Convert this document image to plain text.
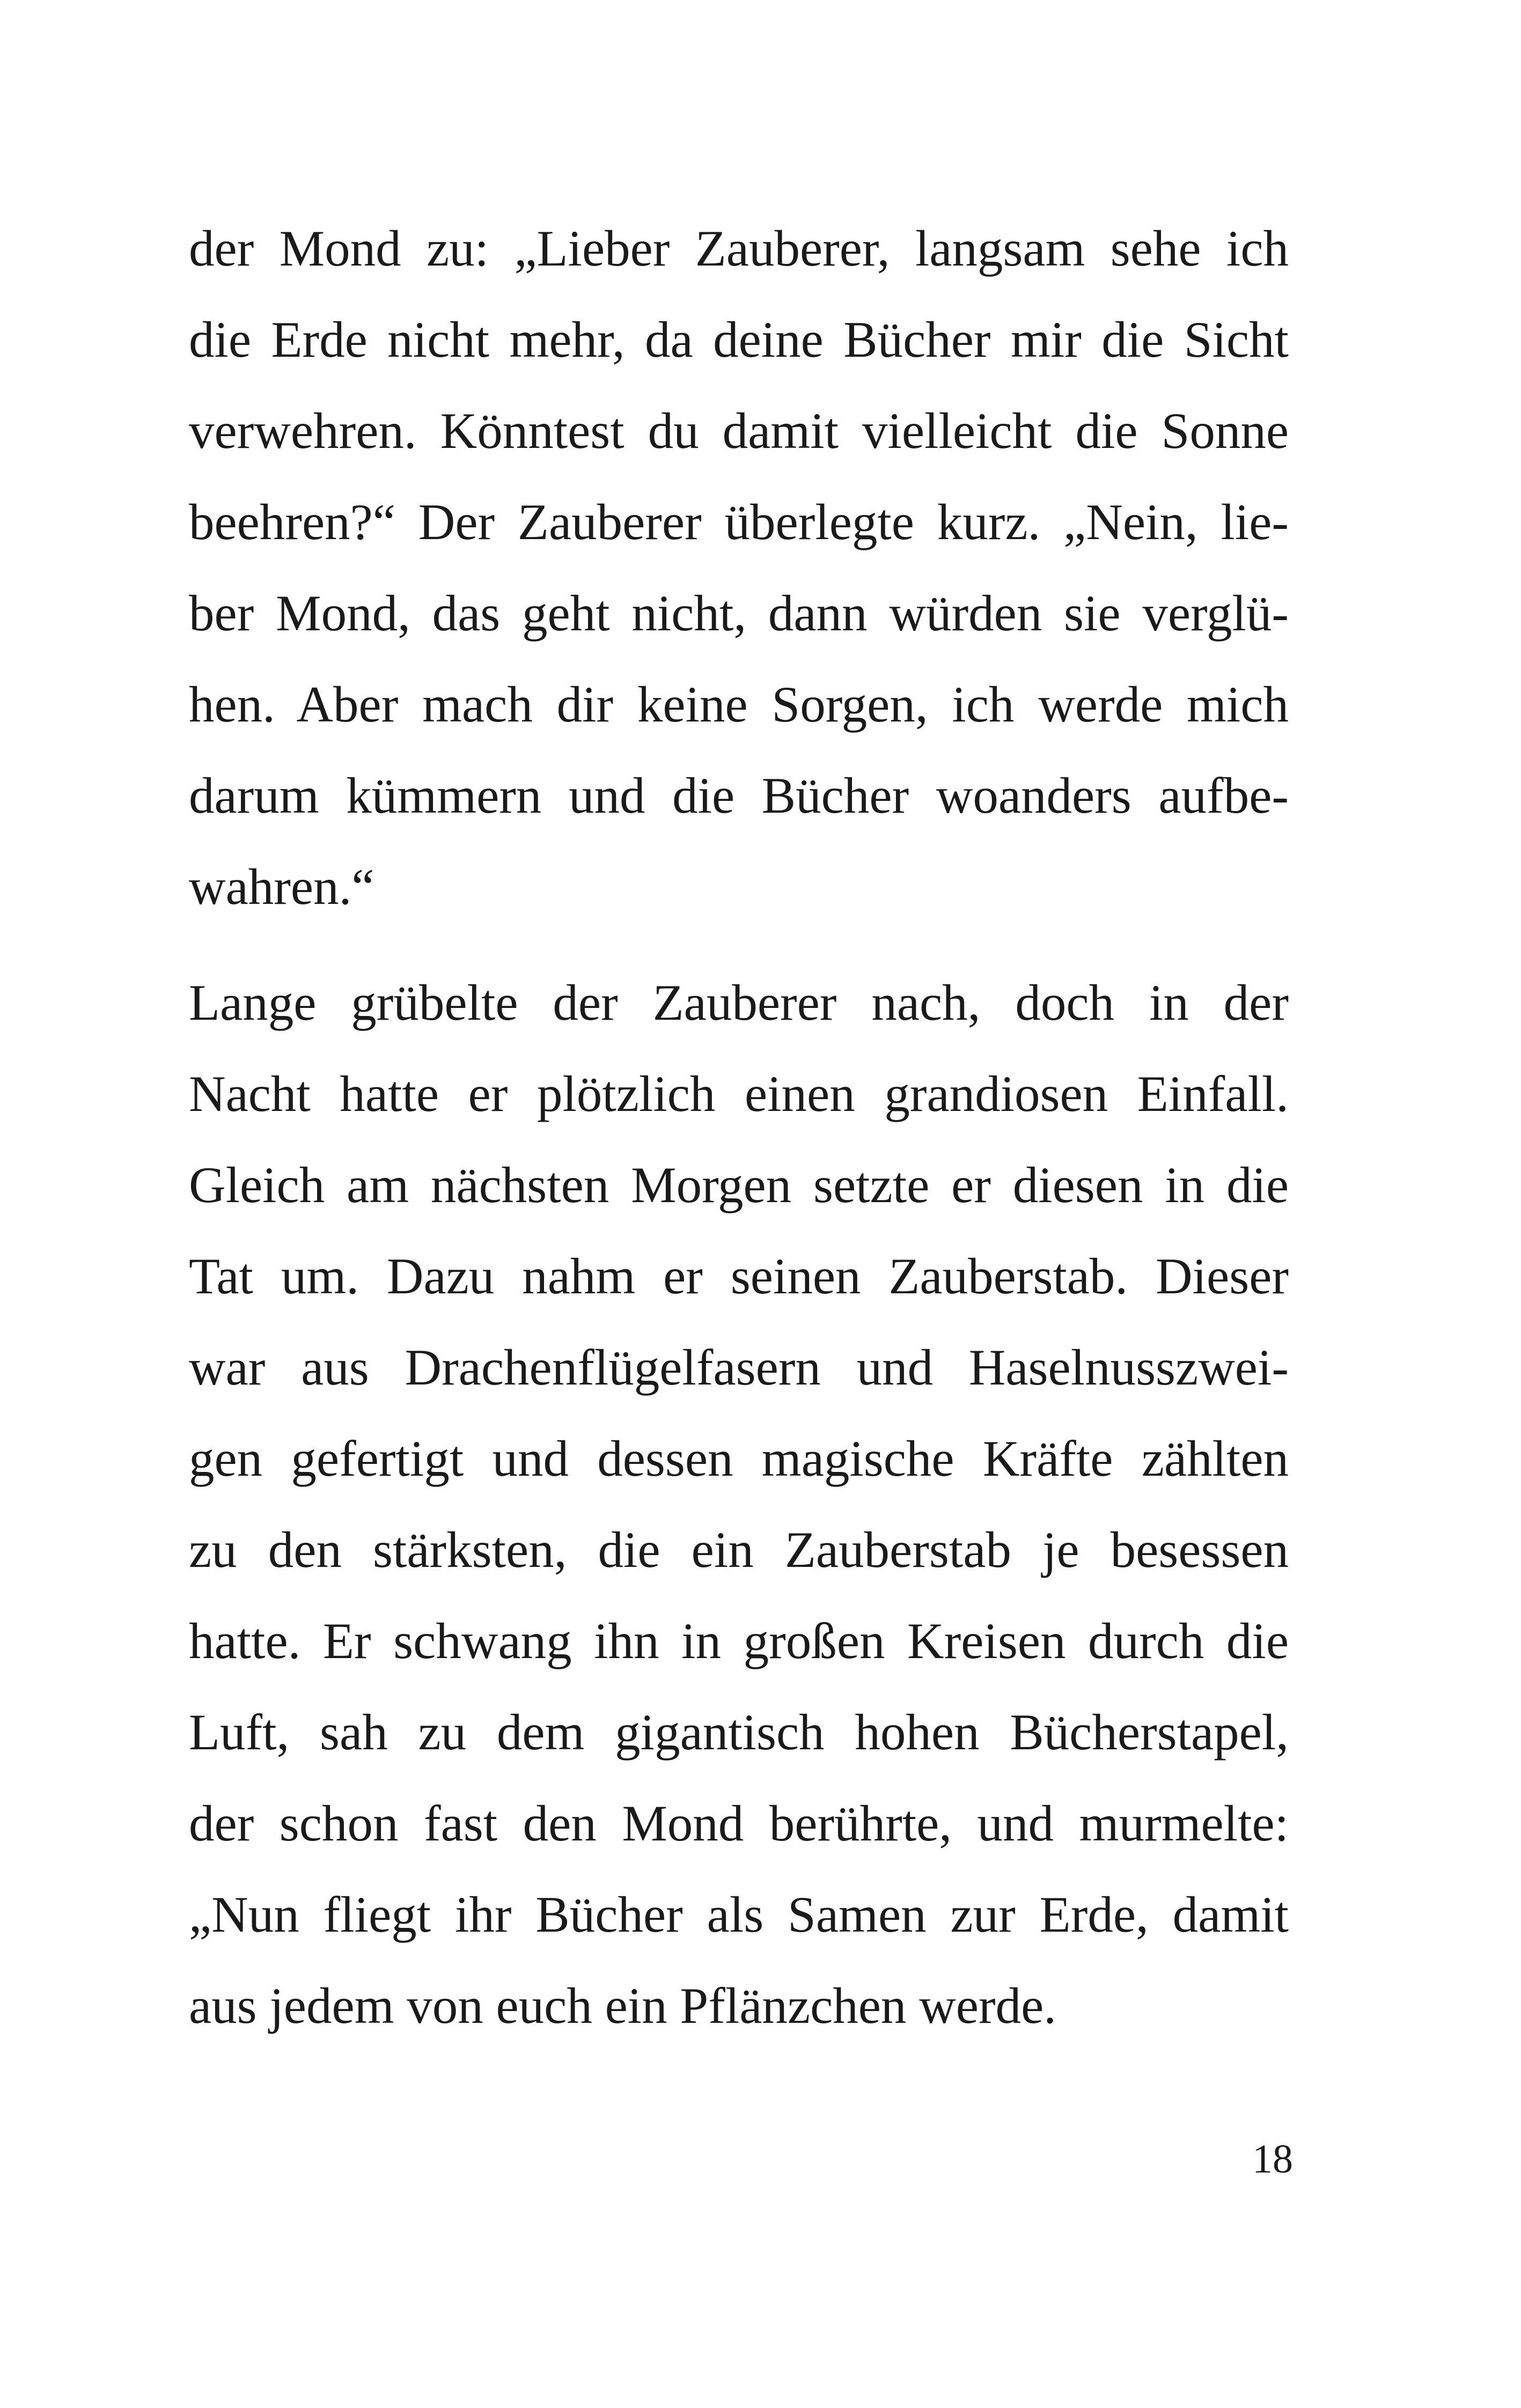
der Mond zu: „Lieber Zauberer, langsam sehe ich
die Erde nicht mehr, da deine Bücher mir die Sicht
verwehren. Könntest du damit vielleicht die Sonne
beehren?“ Der Zauberer überlegte kurz. „Nein, lie-
ber Mond, das geht nicht, dann würden sie verglü-
hen. Aber mach dir keine Sorgen, ich werde mich
darum kümmern und die Bücher woanders aufbe-
wahren.“
Lange grübelte der Zauberer nach, doch in der
Nacht hatte er plötzlich einen grandiosen Einfall.
Gleich am nächsten Morgen setzte er diesen in die
Tat um. Dazu nahm er seinen Zauberstab. Dieser
war aus Drachenflügelfasern und Haselnusszwei-
gen gefertigt und dessen magische Kräfte zählten
zu den stärksten, die ein Zauberstab je besessen
hatte. Er schwang ihn in großen Kreisen durch die
Luft, sah zu dem gigantisch hohen Bücherstapel,
der schon fast den Mond berührte, und murmelte:
„Nun fliegt ihr Bücher als Samen zur Erde, damit
aus jedem von euch ein Pflänzchen werde.
18
